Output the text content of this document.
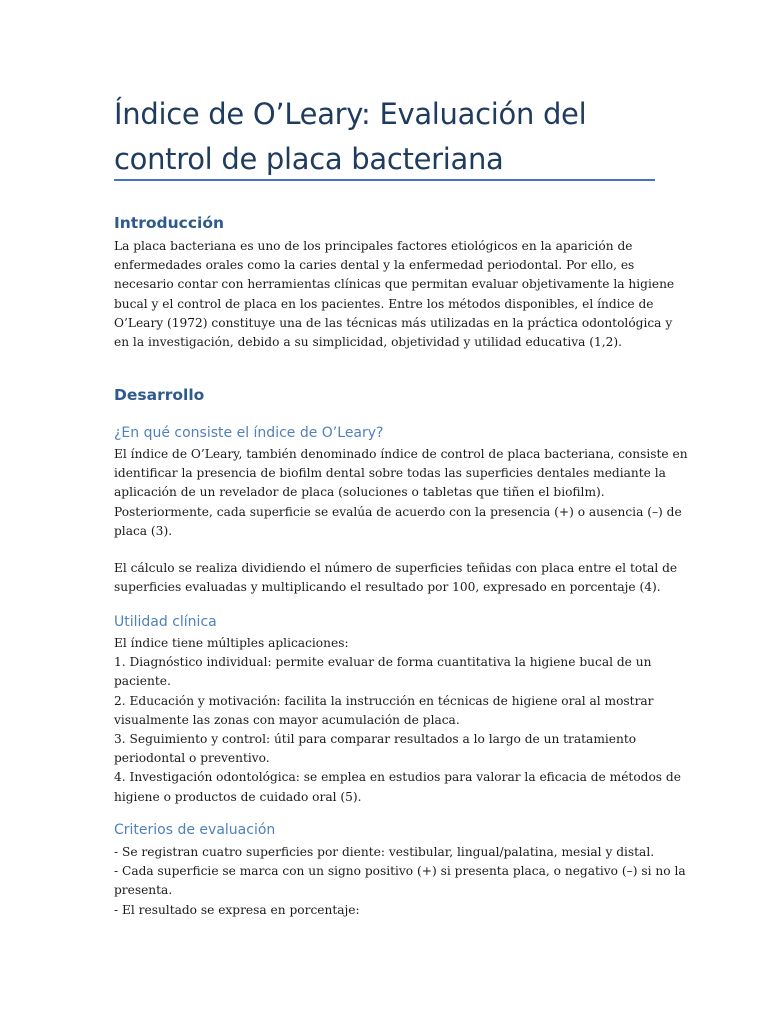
Índice de O’Leary: Evaluación del
control de placa bacteriana
Introducción

La placa bacteriana es uno de los principales factores etiológicos en la aparición de
enfermedades orales como la caries dental y la enfermedad periodontal. Por ello, es
necesario contar con herramientas clínicas que permitan evaluar objetivamente la higiene
bucal y el control de placa en los pacientes. Entre los métodos disponibles, el índice de
O’Leary (1972) constituye una de las técnicas más utilizadas en la práctica odontológica y
en la investigación, debido a su simplicidad, objetividad y utilidad educativa (1,2).

Desarrollo
¿En qué consiste el índice de O’Leary?

El índice de O’Leary, también denominado índice de control de placa bacteriana, consiste en
identificar la presencia de biofilm dental sobre todas las superficies dentales mediante la
aplicación de un revelador de placa (soluciones o tabletas que tiñen el biofilm).
Posteriormente, cada superficie se evalúa de acuerdo con la presencia (+) o ausencia (–) de
placa (3).

El cálculo se realiza dividiendo el número de superficies teñidas con placa entre el total de
superficies evaluadas y multiplicando el resultado por 100, expresado en porcentaje (4).

Utilidad clínica

El índice tiene múltiples aplicaciones:
1. Diagnóstico individual: permite evaluar de forma cuantitativa la higiene bucal de un
paciente.
2. Educación y motivación: facilita la instrucción en técnicas de higiene oral al mostrar
visualmente las zonas con mayor acumulación de placa.
3. Seguimiento y control: útil para comparar resultados a lo largo de un tratamiento
periodontal o preventivo.
4. Investigación odontológica: se emplea en estudios para valorar la eficacia de métodos de
higiene o productos de cuidado oral (5).

Criterios de evaluación

- Se registran cuatro superficies por diente: vestibular, lingual/palatina, mesial y distal.
- Cada superficie se marca con un signo positivo (+) si presenta placa, o negativo (–) si no la
presenta.
- El resultado se expresa en porcentaje:
